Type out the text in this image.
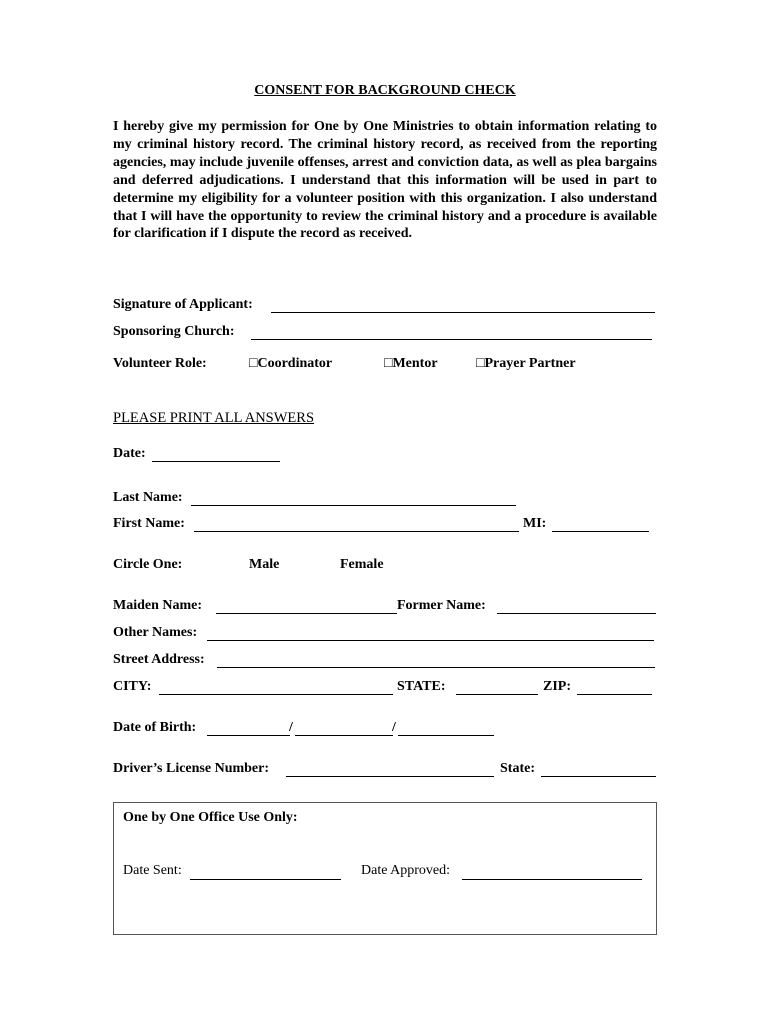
CONSENT FOR BACKGROUND CHECK
I hereby give my permission for One by One Ministries to obtain information relating to my criminal history record. The criminal history record, as received from the reporting agencies, may include juvenile offenses, arrest and conviction data, as well as plea bargains and deferred adjudications. I understand that this information will be used in part to determine my eligibility for a volunteer position with this organization. I also understand that I will have the opportunity to review the criminal history and a procedure is available for clarification if I dispute the record as received.
Signature of Applicant:
Sponsoring Church:
Volunteer Role:	□Coordinator	□Mentor	□Prayer Partner
PLEASE PRINT ALL ANSWERS
Date:
Last Name:
First Name:	MI:
Circle One:	Male	Female
Maiden Name:	Former Name:
Other Names:
Street Address:
CITY:	STATE:	ZIP:
Date of Birth:	/	/
Driver’s License Number:	State:
One by One Office Use Only:
Date Sent:	Date Approved:
